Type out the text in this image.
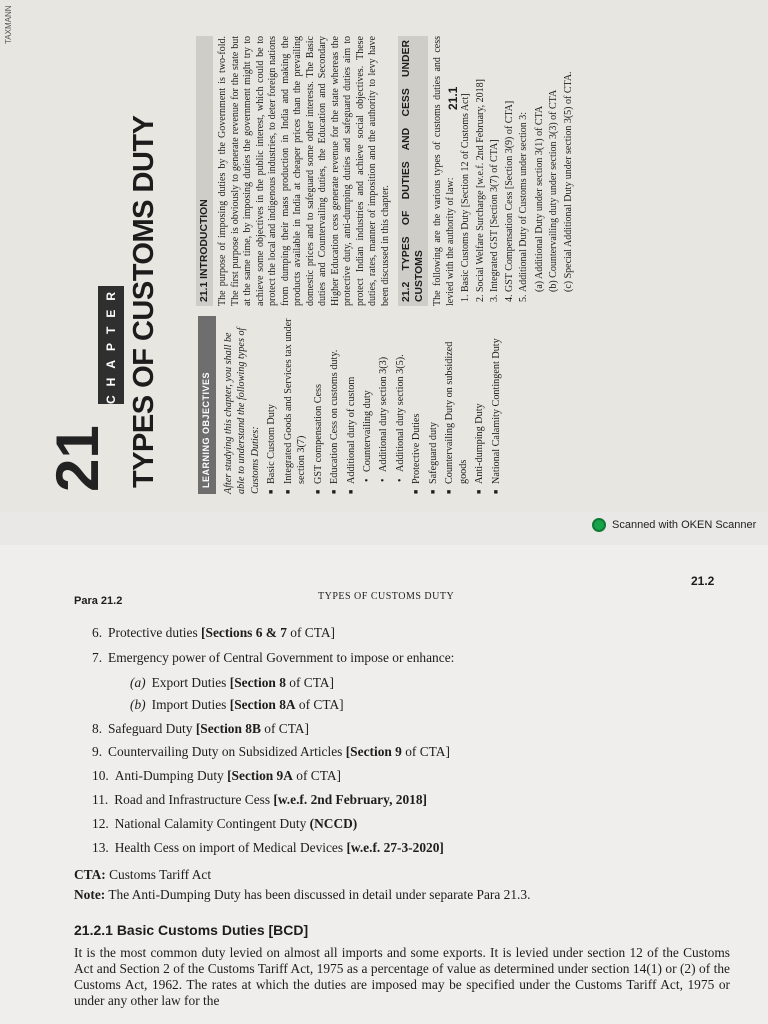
TAXMANN
21
CHAPTER TYPES OF CUSTOMS DUTY	LEARNING OBJECTIVES	After studying this chapter, you shall be able to understand the following types of Customs Duties: ■ Basic Custom Duty ■ Integrated Goods and Services tax under section 3(7) ■ GST compensation Cess ■ Education Cess on customs duty. ■ Additional duty of custom • Countervailing duty • Additional duty section 3(3) • Additional duty section 3(5). ■ Protective Duties ■ Safeguard duty ■ Countervailing Duty on subsidized goods ■ Anti-dumping Duty ■ National Calamity Contingent Duty
21.1 INTRODUCTION The purpose of imposing duties by the Government is two-fold. The first purpose is obviously to generate revenue for the state but at the same time, by imposing duties the government might try to achieve some objectives in the public interest, which could be to protect the local and indigenous industries, to deter foreign nations from dumping their mass production in India and making the products available in India at cheaper prices than the prevailing domestic prices and to safeguard some other interests. The Basic duties and Countervailing duties, the Education and Secondary Higher Education cess generate revenue for the state whereas the protective duty, anti-dumping duties and safeguard duties aim to protect Indian industries and achieve social objectives. These duties, rates, manner of imposition and the authority to levy have been discussed in this chapter. 21.2 TYPES OF DUTIES AND CESS UNDER CUSTOMS The following are the various types of customs duties and cess levied with the authority of law: 1. Basic Customs Duty [Section 12 of Customs Act] 2. Social Welfare Surcharge [w.e.f. 2nd February, 2018] 3. Integrated GST [Section 3(7) of CTA] 4. GST Compensation Cess [Section 3(9) of CTA] 5. Additional Duty of Customs under section 3: (a) Additional Duty under section 3(1) of CTA (b) Countervailing duty under section 3(3) of CTA (c) Special Additional Duty under section 3(5) of CTA.
21.1
Scanned with OKEN Scanner
21.2
Para 21.2	TYPES OF CUSTOMS DUTY
6. Protective duties [Sections 6 & 7 of CTA]
7. Emergency power of Central Government to impose or enhance:
(a) Export Duties [Section 8 of CTA]
(b) Import Duties [Section 8A of CTA]
8. Safeguard Duty [Section 8B of CTA]
9. Countervailing Duty on Subsidized Articles [Section 9 of CTA]
10. Anti-Dumping Duty [Section 9A of CTA]
11. Road and Infrastructure Cess [w.e.f. 2nd February, 2018]
12. National Calamity Contingent Duty (NCCD)
13. Health Cess on import of Medical Devices [w.e.f. 27-3-2020]
CTA: Customs Tariff Act
Note: The Anti-Dumping Duty has been discussed in detail under separate Para 21.3.
21.2.1 Basic Customs Duties [BCD]
It is the most common duty levied on almost all imports and some exports. It is levied under section 12 of the Customs Act and Section 2 of the Customs Tariff Act, 1975 as a percentage of value as determined under section 14(1) or (2) of the Customs Act, 1962. The rates at which the duties are imposed may be specified under the Customs Tariff Act, 1975 or under any other law for the
